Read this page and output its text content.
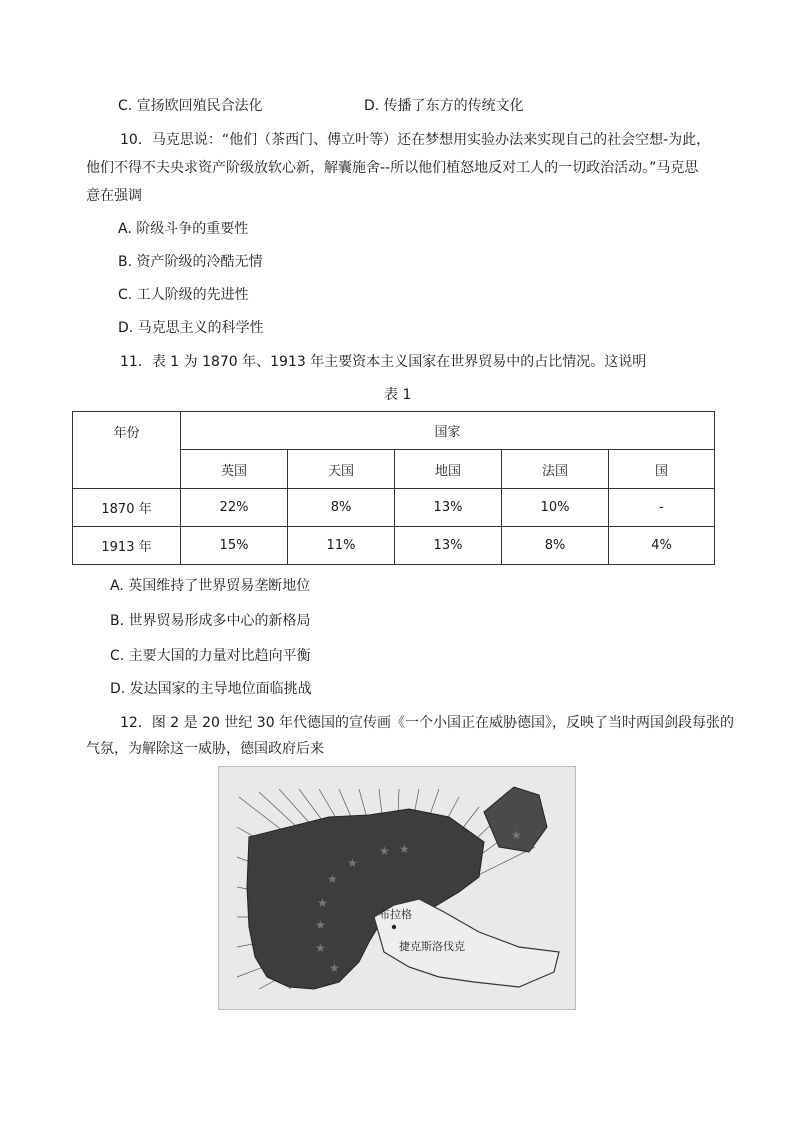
C. 宣扬欧回殖民合法化	D. 传播了东方的传统文化
10．马克思说：“他们（茶西门、傅立叶等）还在梦想用实验办法来实现自己的社会空想-为此，
他们不得不夫央求资产阶级放软心新，解囊施舍--所以他们植怒地反对工人的一切政治活动。”马克思
意在强调
A. 阶级斗争的重要性
B. 资产阶级的冷酷无情
C. 工人阶级的先进性
D. 马克思主义的科学性
11．表 1 为 1870 年、1913 年主要资本主义国家在世界贸易中的占比情况。这说明
表 1
年份	国家				
	英国	天国	地国	法国	国
1870 年	22%	8%	13%	10%	-
1913 年	15%	11%	13%	8%	4%
A. 英国维持了世界贸易垄断地位
B. 世界贸易形成多中心的新格局
C. 主要大国的力量对比趋向平衡
D. 发达国家的主导地位面临挑战
12．图 2 是 20 世纪 30 年代德国的宣传画《一个小国正在威胁德国》，反映了当时两国剑段每张的
气氛，为解除这一威胁，德国政府后来
★
★ ★
★
★
★
★
★
★
布拉格
捷克斯洛伐克
